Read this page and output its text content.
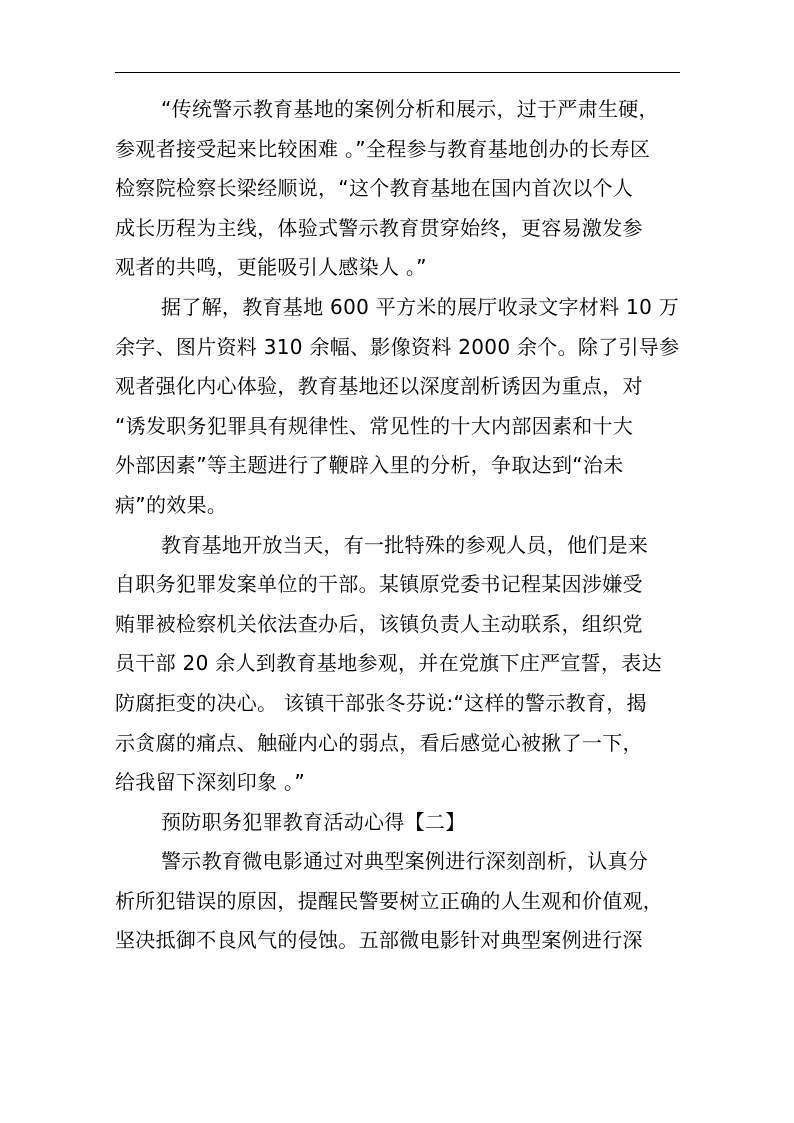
“传统警示教育基地的案例分析和展示，过于严肃生硬，
参观者接受起来比较困难 。”全程参与教育基地创办的长寿区
检察院检察长梁经顺说，“这个教育基地在国内首次以个人
成长历程为主线，体验式警示教育贯穿始终，更容易激发参
观者的共鸣，更能吸引人感染人 。”
据了解，教育基地 600 平方米的展厅收录文字材料 10 万
余字、图片资料 310 余幅、影像资料 2000 余个。除了引导参
观者强化内心体验，教育基地还以深度剖析诱因为重点，对
“诱发职务犯罪具有规律性、常见性的十大内部因素和十大
外部因素”等主题进行了鞭辟入里的分析，争取达到“治未
病”的效果。
教育基地开放当天，有一批特殊的参观人员，他们是来
自职务犯罪发案单位的干部。某镇原党委书记程某因涉嫌受
贿罪被检察机关依法查办后，该镇负责人主动联系，组织党
员干部 20 余人到教育基地参观，并在党旗下庄严宣誓，表达
防腐拒变的决心。 该镇干部张冬芬说:“这样的警示教育，揭
示贪腐的痛点、触碰内心的弱点，看后感觉心被揪了一下，
给我留下深刻印象 。”
预防职务犯罪教育活动心得【二】
警示教育微电影通过对典型案例进行深刻剖析，认真分
析所犯错误的原因，提醒民警要树立正确的人生观和价值观，
坚决抵御不良风气的侵蚀。五部微电影针对典型案例进行深
